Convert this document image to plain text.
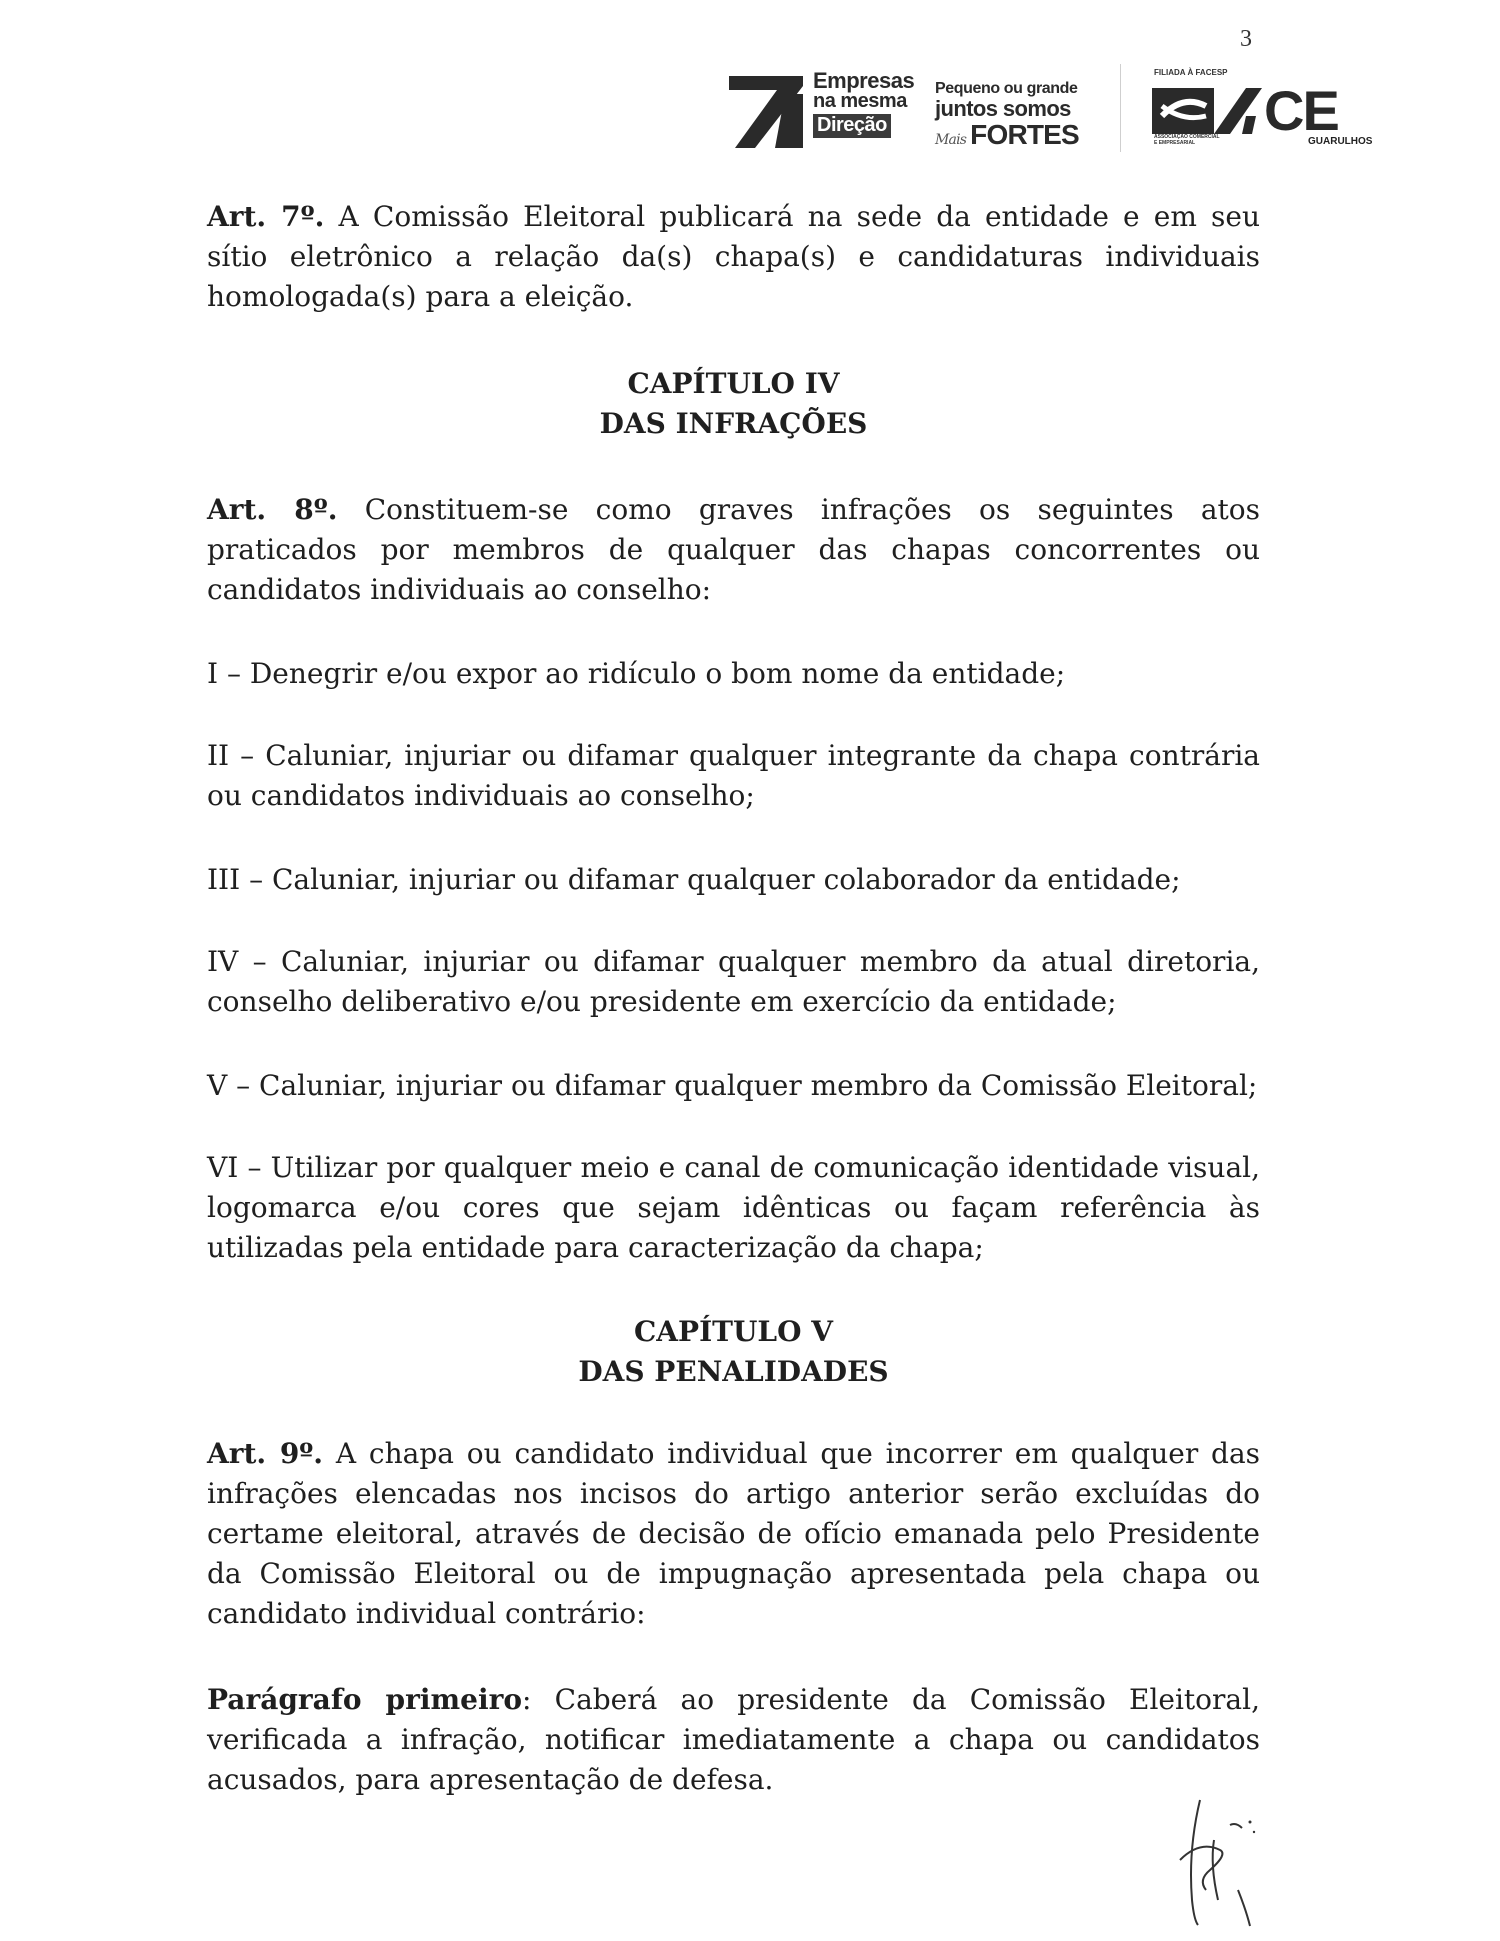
3
Empresas
na mesma
Direção
Pequeno ou grande
juntos somos
Mais FORTES
FILIADA À FACESP
CE
ASSOCIAÇÃO COMERCIAL E EMPRESARIAL	GUARULHOS
Art. 7º. A Comissão Eleitoral publicará na sede da entidade e em seu sítio eletrônico a relação da(s) chapa(s) e candidaturas individuais homologada(s) para a eleição.
CAPÍTULO IV
DAS INFRAÇÕES
Art. 8º. Constituem-se como graves infrações os seguintes atos praticados por membros de qualquer das chapas concorrentes ou candidatos individuais ao conselho:
I – Denegrir e/ou expor ao ridículo o bom nome da entidade;
II – Caluniar, injuriar ou difamar qualquer integrante da chapa contrária ou candidatos individuais ao conselho;
III – Caluniar, injuriar ou difamar qualquer colaborador da entidade;
IV – Caluniar, injuriar ou difamar qualquer membro da atual diretoria, conselho deliberativo e/ou presidente em exercício da entidade;
V – Caluniar, injuriar ou difamar qualquer membro da Comissão Eleitoral;
VI – Utilizar por qualquer meio e canal de comunicação identidade visual, logomarca e/ou cores que sejam idênticas ou façam referência às utilizadas pela entidade para caracterização da chapa;
CAPÍTULO V
DAS PENALIDADES
Art. 9º. A chapa ou candidato individual que incorrer em qualquer das infrações elencadas nos incisos do artigo anterior serão excluídas do certame eleitoral, através de decisão de ofício emanada pelo Presidente da Comissão Eleitoral ou de impugnação apresentada pela chapa ou candidato individual contrário:
Parágrafo primeiro: Caberá ao presidente da Comissão Eleitoral, verificada a infração, notificar imediatamente a chapa ou candidatos acusados, para apresentação de defesa.
